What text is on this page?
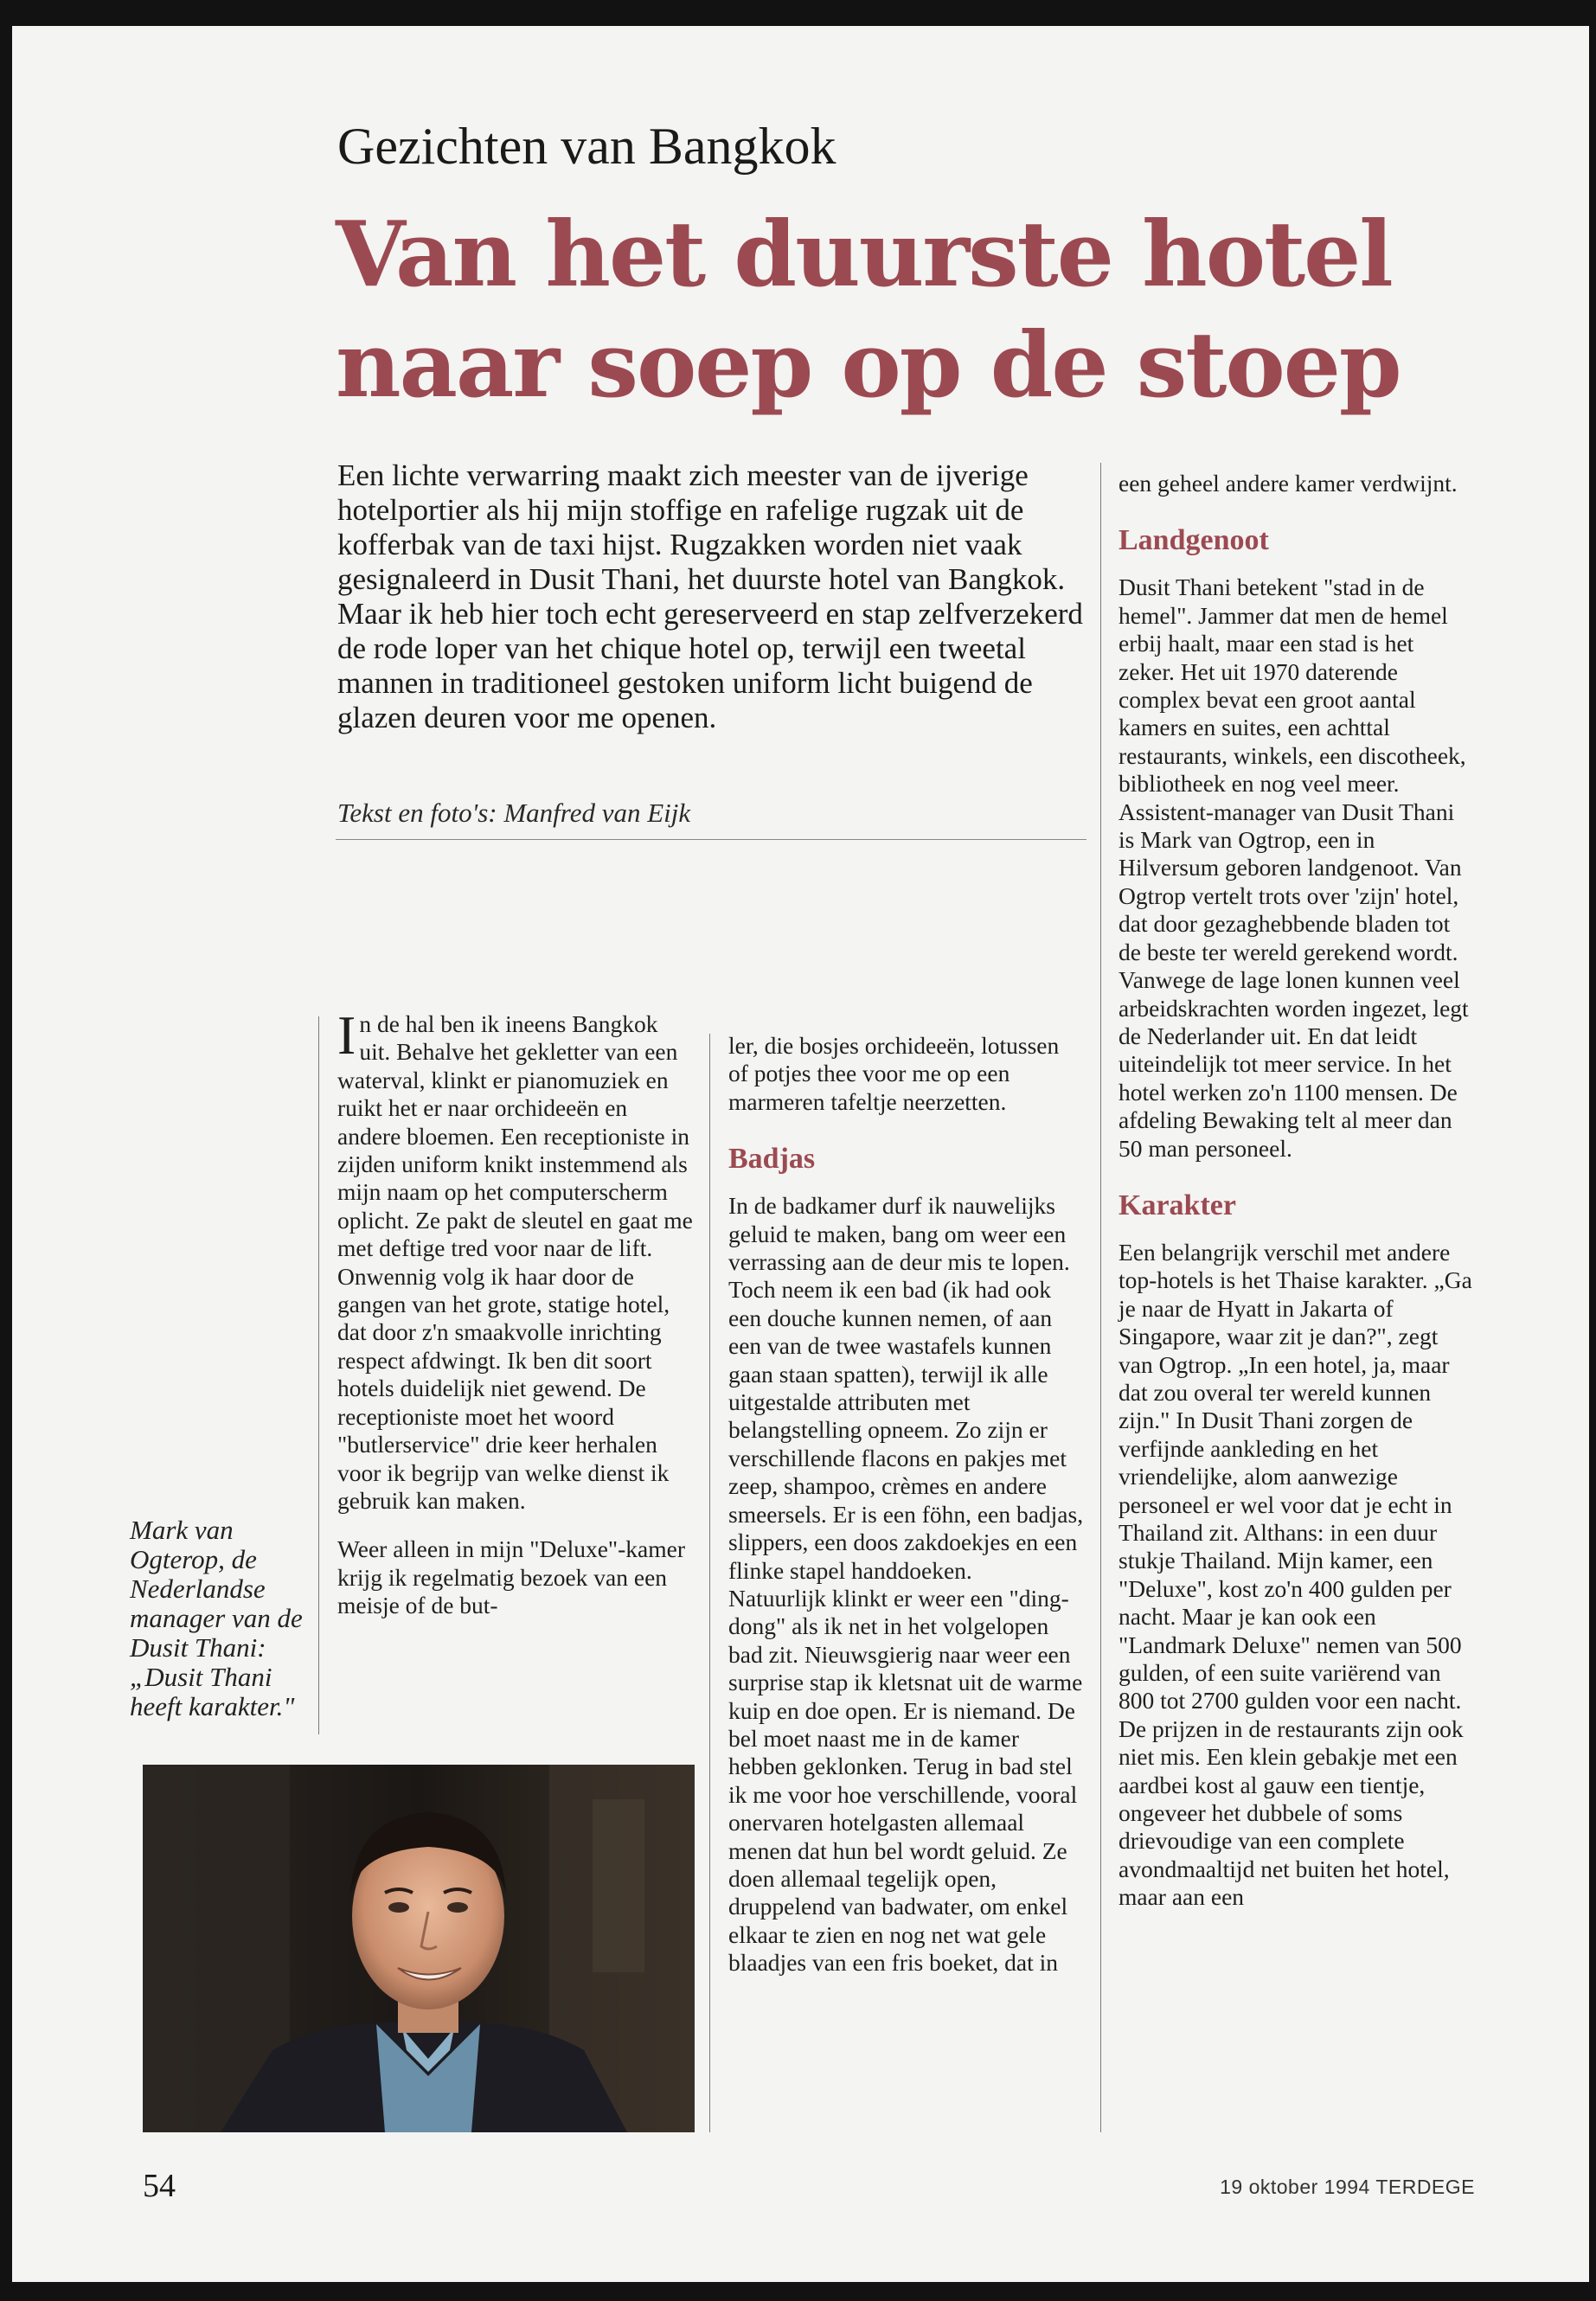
Gezichten van Bangkok
Van het duurste hotel
naar soep op de stoep
Een lichte verwarring maakt zich meester van de ijverige hotelportier als hij mijn stoffige en rafelige rugzak uit de kofferbak van de taxi hijst. Rugzakken worden niet vaak gesignaleerd in Dusit Thani, het duurste hotel van Bangkok. Maar ik heb hier toch echt gereserveerd en stap zelfverzekerd de rode loper van het chique hotel op, terwijl een tweetal mannen in traditioneel gestoken uniform licht buigend de glazen deuren voor me openen.
Tekst en foto's: Manfred van Eijk

In de hal ben ik ineens Bangkok uit. Behalve het gekletter van een waterval, klinkt er pianomuziek en ruikt het er naar orchideeën en andere bloemen. Een receptioniste in zijden uniform knikt instemmend als mijn naam op het computerscherm oplicht. Ze pakt de sleutel en gaat me met deftige tred voor naar de lift. Onwennig volg ik haar door de gangen van het grote, statige hotel, dat door z'n smaakvolle inrichting respect afdwingt. Ik ben dit soort hotels duidelijk niet gewend. De receptioniste moet het woord "butlerservice" drie keer herhalen voor ik begrijp van welke dienst ik gebruik kan maken.

Weer alleen in mijn "Deluxe"-kamer krijg ik regelmatig bezoek van een meisje of de but-

ler, die bosjes orchideeën, lotussen of potjes thee voor me op een marmeren tafeltje neerzetten.

Badjas

In de badkamer durf ik nauwelijks geluid te maken, bang om weer een verrassing aan de deur mis te lopen. Toch neem ik een bad (ik had ook een douche kunnen nemen, of aan een van de twee wastafels kunnen gaan staan spatten), terwijl ik alle uitgestalde attributen met belangstelling opneem. Zo zijn er verschillende flacons en pakjes met zeep, shampoo, crèmes en andere smeersels. Er is een föhn, een badjas, slippers, een doos zakdoekjes en een flinke stapel handdoeken.

Natuurlijk klinkt er weer een "ding-dong" als ik net in het volgelopen bad zit. Nieuwsgierig naar weer een surprise stap ik kletsnat uit de warme kuip en doe open. Er is niemand. De bel moet naast me in de kamer hebben geklonken. Terug in bad stel ik me voor hoe verschillende, vooral onervaren hotelgasten allemaal menen dat hun bel wordt geluid. Ze doen allemaal tegelijk open, druppelend van badwater, om enkel elkaar te zien en nog net wat gele blaadjes van een fris boeket, dat in

een geheel andere kamer verdwijnt.

Landgenoot

Dusit Thani betekent "stad in de hemel". Jammer dat men de hemel erbij haalt, maar een stad is het zeker. Het uit 1970 daterende complex bevat een groot aantal kamers en suites, een achttal restaurants, winkels, een discotheek, bibliotheek en nog veel meer.

Assistent-manager van Dusit Thani is Mark van Ogtrop, een in Hilversum geboren landgenoot. Van Ogtrop vertelt trots over 'zijn' hotel, dat door gezaghebbende bladen tot de beste ter wereld gerekend wordt.

Vanwege de lage lonen kunnen veel arbeidskrachten worden ingezet, legt de Nederlander uit. En dat leidt uiteindelijk tot meer service. In het hotel werken zo'n 1100 mensen. De afdeling Bewaking telt al meer dan 50 man personeel.

Karakter

Een belangrijk verschil met andere top-hotels is het Thaise karakter. „Ga je naar de Hyatt in Jakarta of Singapore, waar zit je dan?", zegt van Ogtrop. „In een hotel, ja, maar dat zou overal ter wereld kunnen zijn." In Dusit Thani zorgen de verfijnde aankleding en het vriendelijke, alom aanwezige personeel er wel voor dat je echt in Thailand zit. Althans: in een duur stukje Thailand. Mijn kamer, een "Deluxe", kost zo'n 400 gulden per nacht. Maar je kan ook een "Landmark Deluxe" nemen van 500 gulden, of een suite variërend van 800 tot 2700 gulden voor een nacht.

De prijzen in de restaurants zijn ook niet mis. Een klein gebakje met een aardbei kost al gauw een tientje, ongeveer het dubbele of soms drievoudige van een complete avondmaaltijd net buiten het hotel, maar aan een

Mark van Ogterop, de Nederlandse manager van de Dusit Thani: „Dusit Thani heeft karakter."
54	19 oktober 1994 TERDEGE
